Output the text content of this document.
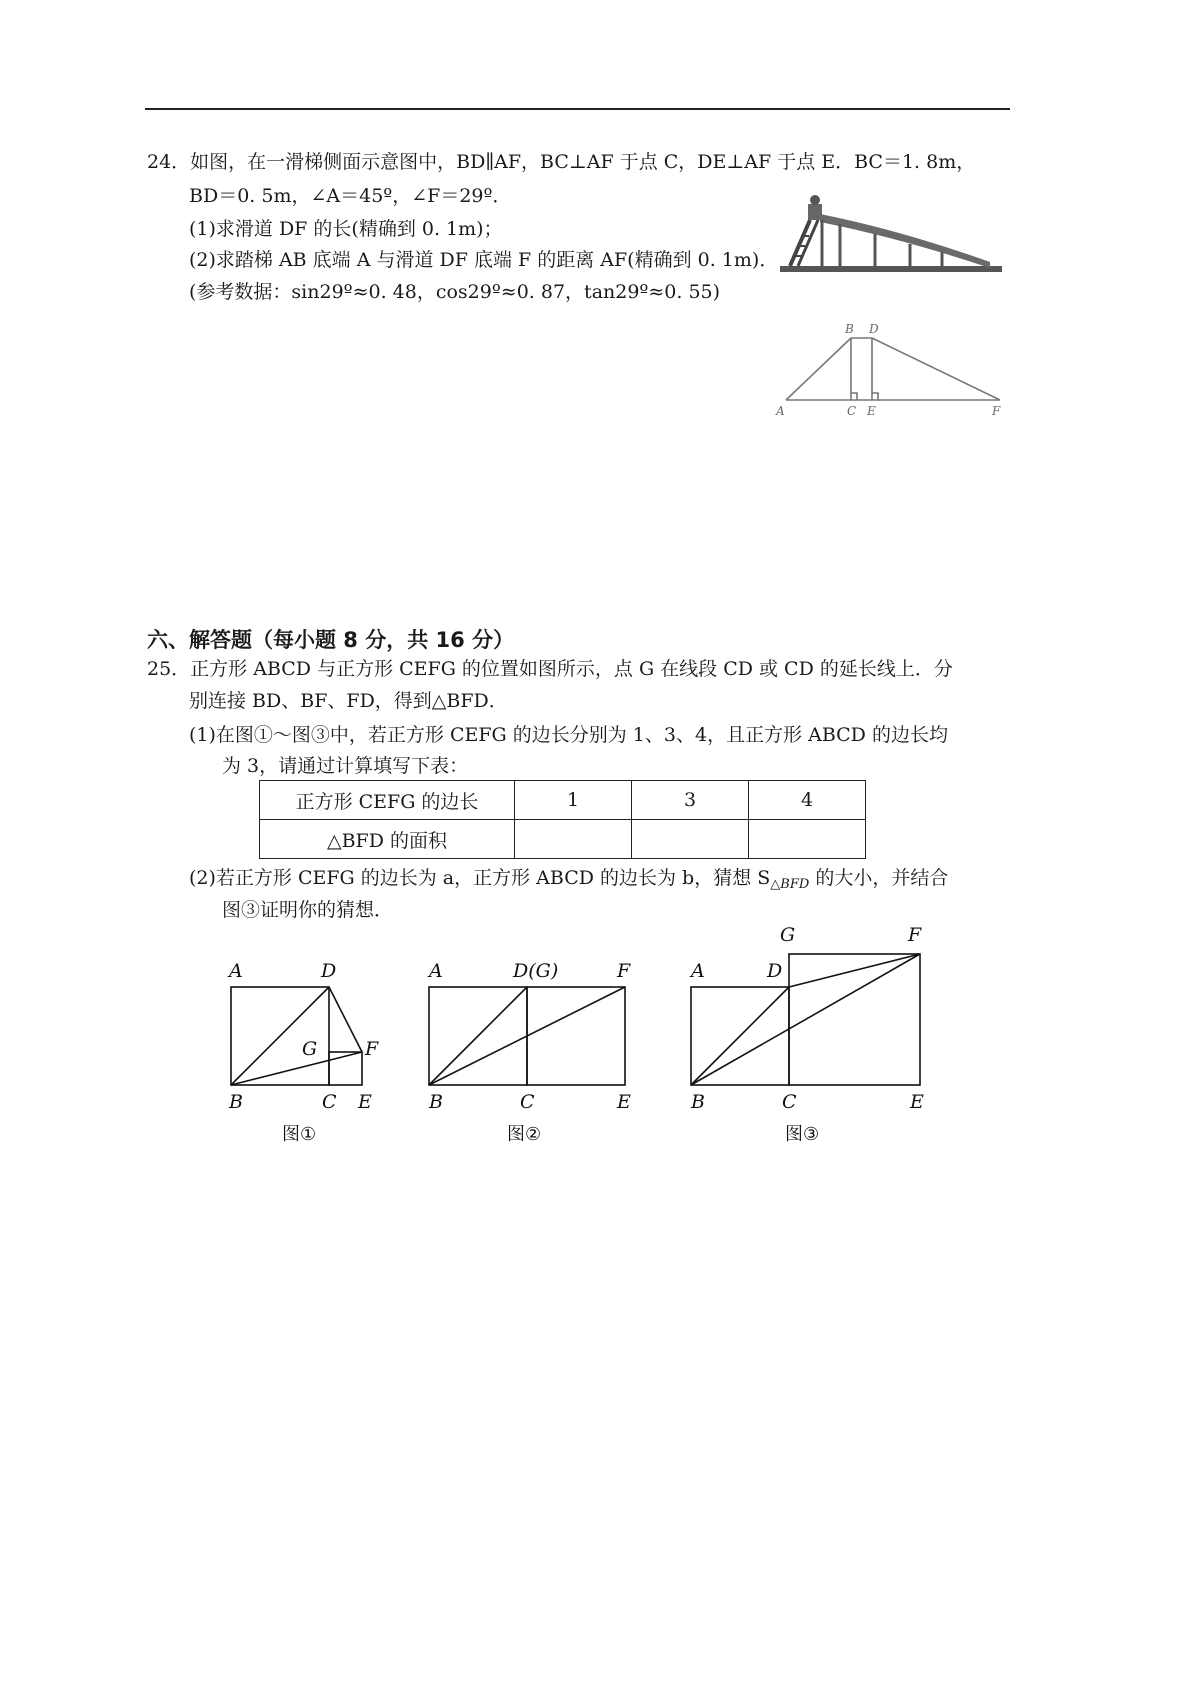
24．如图，在一滑梯侧面示意图中，BD∥AF，BC⊥AF 于点 C，DE⊥AF 于点 E．BC＝1. 8m，
BD＝0. 5m，∠A＝45º，∠F＝29º．
(1)求滑道 DF 的长(精确到 0. 1m)；
(2)求踏梯 AB 底端 A 与滑道 DF 底端 F 的距离 AF(精确到 0. 1m)．
(参考数据：sin29º≈0. 48，cos29º≈0. 87，tan29º≈0. 55)
B D
A	C E	F
六、解答题（每小题 8 分，共 16 分）
25．正方形 ABCD 与正方形 CEFG 的位置如图所示，点 G 在线段 CD 或 CD 的延长线上．分
别连接 BD、BF、FD，得到△BFD．
(1)在图①～图③中，若正方形 CEFG 的边长分别为 1、3、4，且正方形 ABCD 的边长均
为 3，请通过计算填写下表：
正方形 CEFG 的边长	1	3	4
△BFD 的面积			
(2)若正方形 CEFG 的边长为 a，正方形 ABCD 的边长为 b，猜想 $S_{\triangle BFD}$ 的大小，并结合
图③证明你的猜想．
A	D
G	F
B	C E
图①
A	D(G)	F
B	C	E
图②
G	F
A	D
B	C	E
图③
